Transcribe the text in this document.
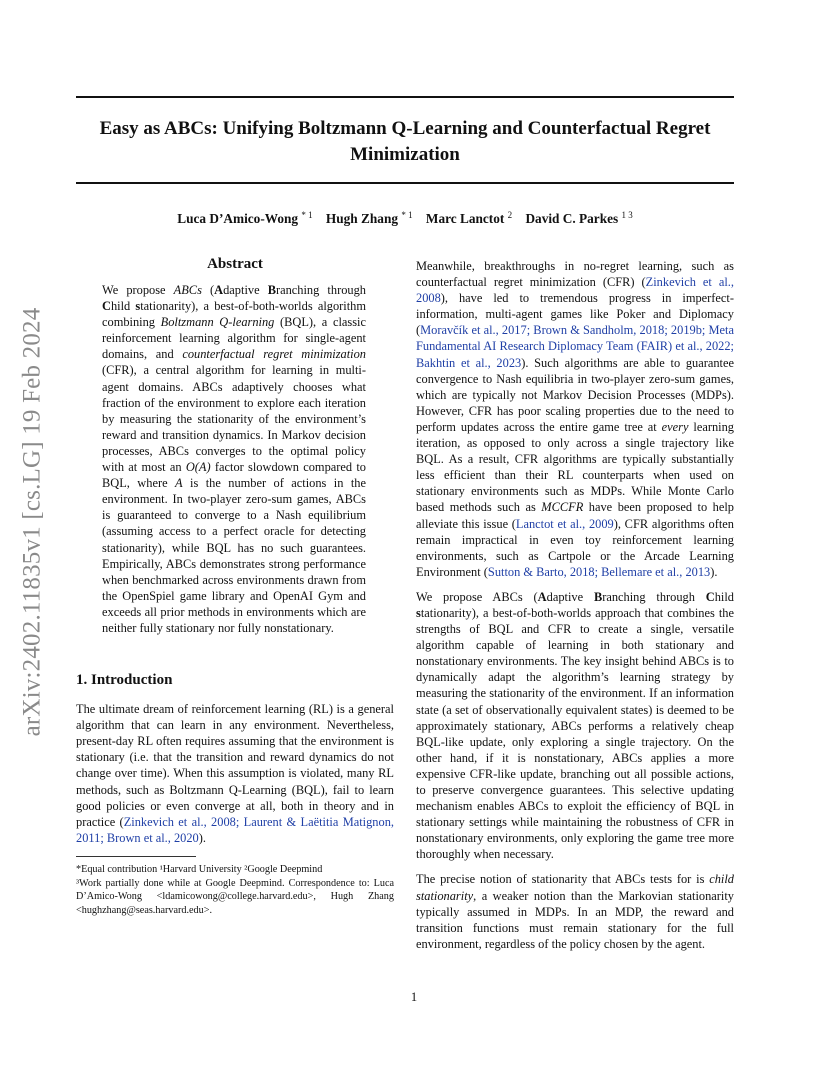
arXiv:2402.11835v1 [cs.LG] 19 Feb 2024
Easy as ABCs: Unifying Boltzmann Q-Learning and Counterfactual Regret
Minimization
Luca D’Amico-Wong $^{* 1}$ Hugh Zhang $^{* 1}$ Marc Lanctot $^2$ David C. Parkes $^{1 3}$
Abstract

We propose ABCs (Adaptive Branching through Child stationarity), a best-of-both-worlds algorithm combining Boltzmann Q-learning (BQL), a classic reinforcement learning algorithm for single-agent domains, and counterfactual regret minimization (CFR), a central algorithm for learning in multi-agent domains. ABCs adaptively chooses what fraction of the environment to explore each iteration by measuring the stationarity of the environment’s reward and transition dynamics. In Markov decision processes, ABCs converges to the optimal policy with at most an O(A) factor slowdown compared to BQL, where A is the number of actions in the environment. In two-player zero-sum games, ABCs is guaranteed to converge to a Nash equilibrium (assuming access to a perfect oracle for detecting stationarity), while BQL has no such guarantees. Empirically, ABCs demonstrates strong performance when benchmarked across environments drawn from the OpenSpiel game library and OpenAI Gym and exceeds all prior methods in environments which are neither fully stationary nor fully nonstationary.

1. Introduction

The ultimate dream of reinforcement learning (RL) is a general algorithm that can learn in any environment. Nevertheless, present-day RL often requires assuming that the environment is stationary (i.e. that the transition and reward dynamics do not change over time). When this assumption is violated, many RL methods, such as Boltzmann Q-Learning (BQL), fail to learn good policies or even converge at all, both in theory and in practice (Zinkevich et al., 2008; Laurent & Laëtitia Matignon, 2011; Brown et al., 2020).

*Equal contribution ¹Harvard University ²Google Deepmind
³Work partially done while at Google Deepmind. Correspondence to: Luca D’Amico-Wong <ldamicowong@college.harvard.edu>, Hugh Zhang <hughzhang@seas.harvard.edu>.

Meanwhile, breakthroughs in no-regret learning, such as counterfactual regret minimization (CFR) (Zinkevich et al., 2008), have led to tremendous progress in imperfect-information, multi-agent games like Poker and Diplomacy (Moravčík et al., 2017; Brown & Sandholm, 2018; 2019b; Meta Fundamental AI Research Diplomacy Team (FAIR) et al., 2022; Bakhtin et al., 2023). Such algorithms are able to guarantee convergence to Nash equilibria in two-player zero-sum games, which are typically not Markov Decision Processes (MDPs). However, CFR has poor scaling properties due to the need to perform updates across the entire game tree at every learning iteration, as opposed to only across a single trajectory like BQL. As a result, CFR algorithms are typically substantially less efficient than their RL counterparts when used on stationary environments such as MDPs. While Monte Carlo based methods such as MCCFR have been proposed to help alleviate this issue (Lanctot et al., 2009), CFR algorithms often remain impractical in even toy reinforcement learning environments, such as Cartpole or the Arcade Learning Environment (Sutton & Barto, 2018; Bellemare et al., 2013).

We propose ABCs (Adaptive Branching through Child stationarity), a best-of-both-worlds approach that combines the strengths of BQL and CFR to create a single, versatile algorithm capable of learning in both stationary and nonstationary environments. The key insight behind ABCs is to dynamically adapt the algorithm’s learning strategy by measuring the stationarity of the environment. If an information state (a set of observationally equivalent states) is deemed to be approximately stationary, ABCs performs a relatively cheap BQL-like update, only exploring a single trajectory. On the other hand, if it is nonstationary, ABCs applies a more expensive CFR-like update, branching out all possible actions, to preserve convergence guarantees. This selective updating mechanism enables ABCs to exploit the efficiency of BQL in stationary settings while maintaining the robustness of CFR in nonstationary environments, only exploring the game tree more thoroughly when necessary.

The precise notion of stationarity that ABCs tests for is child stationarity, a weaker notion than the Markovian stationarity typically assumed in MDPs. In an MDP, the reward and transition functions must remain stationary for the full environment, regardless of the policy chosen by the agent.

1
